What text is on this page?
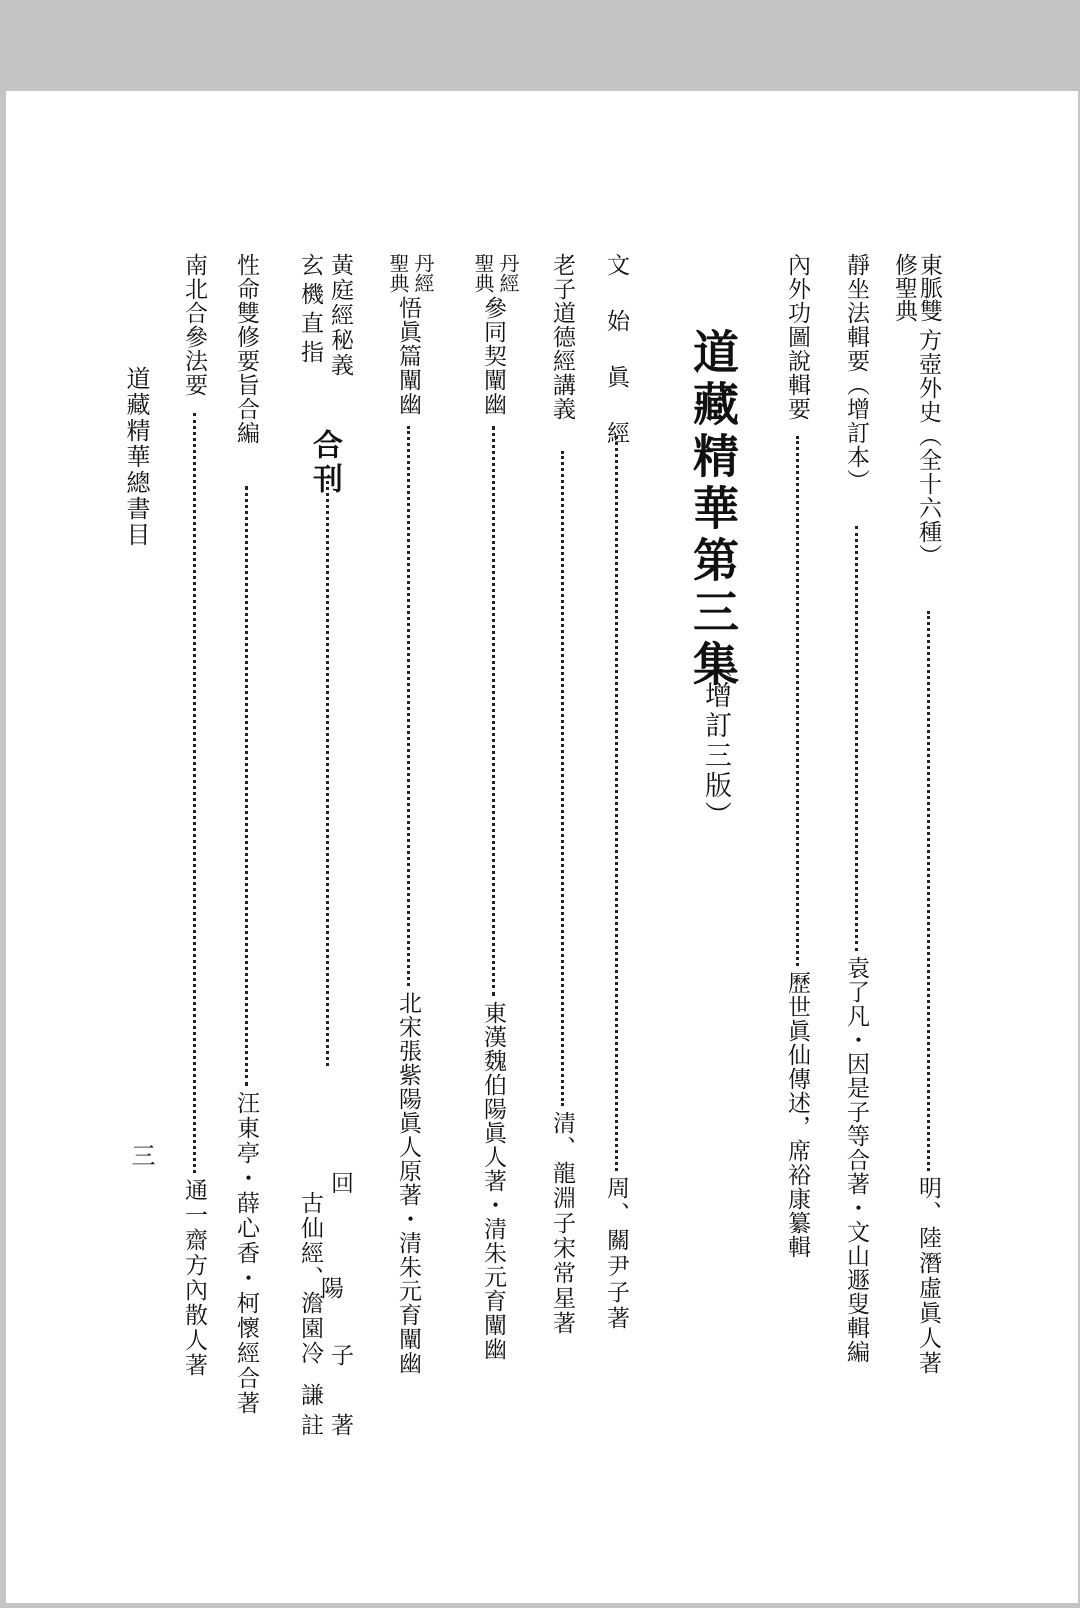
東脈雙
修聖典
方壺外史（全十六種）
明、陸潛虛眞人著
靜坐法輯要（增訂本）
袁了凡・因是子等合著・文山遯叟輯編
內外功圖說輯要
歷世眞仙傳述，席裕康纂輯
道藏精華第三集
（增訂三版）
文　始　眞　經
周、關尹子著
老子道德經講義
清、龍淵子宋常星著
丹經
聖典
參同契闡幽
東漢魏伯陽眞人著・清朱元育闡幽
丹經
聖典
悟眞篇闡幽
北宋張紫陽眞人原著・清朱元育闡幽
黃庭經秘義
玄機直指
合刊
回
古仙經
陽
、澹園冷 子
謙
著
註
性命雙修要旨合編
汪東亭・薛心香・柯懷經合著
南北合參法要
通一齋方內散人著
道藏精華總書目
三
